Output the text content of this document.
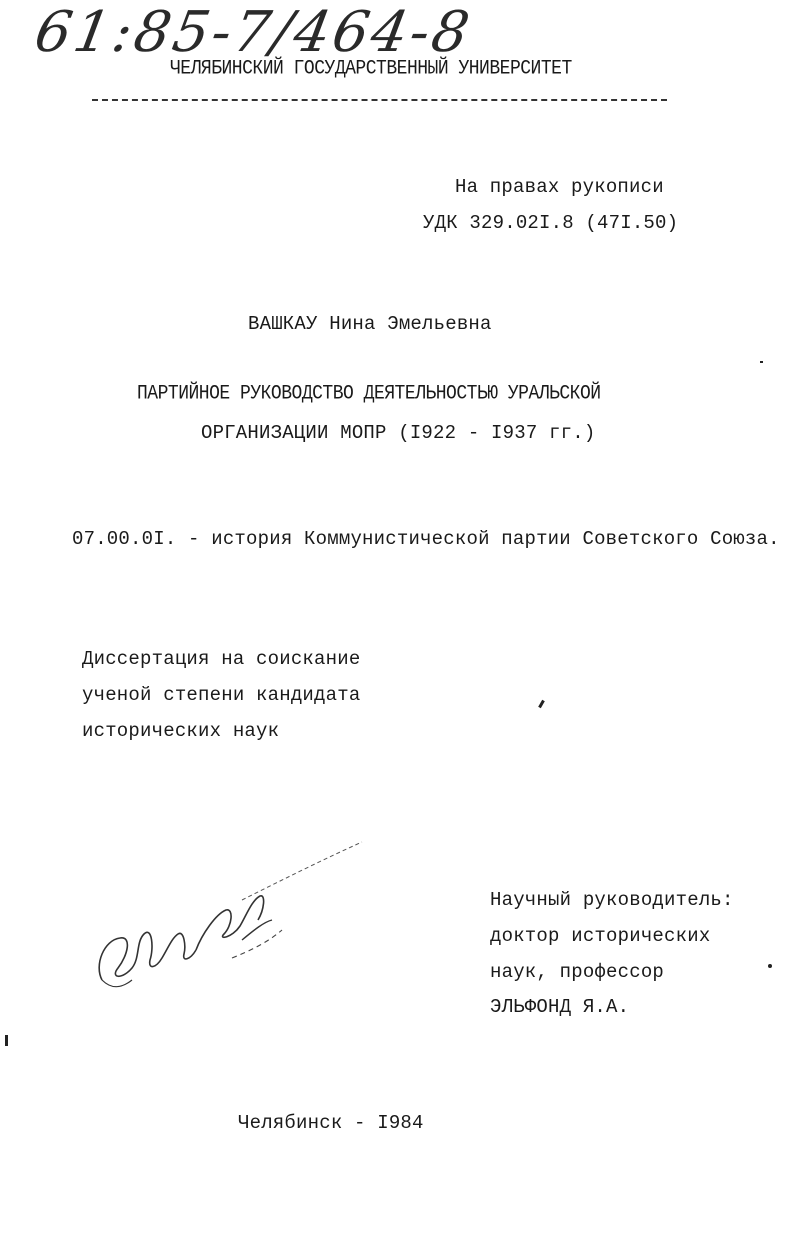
61:85-7/464-8
ЧЕЛЯБИНСКИЙ ГОСУДАРСТВЕННЫЙ УНИВЕРСИТЕТ
На правах рукописи
УДК 329.02I.8 (47I.50)
ВАШКАУ Нина Эмельевна
ПАРТИЙНОЕ РУКОВОДСТВО ДЕЯТЕЛЬНОСТЬЮ УРАЛЬСКОЙ
ОРГАНИЗАЦИИ МОПР (I922 - I937 гг.)
07.00.0I. - история Коммунистической партии Советского Союза.
Диссертация на соискание
ученой степени кандидата
исторических наук
Научный руководитель:
доктор исторических
наук, профессор
ЭЛЬФОНД Я.А.
Челябинск - I984
